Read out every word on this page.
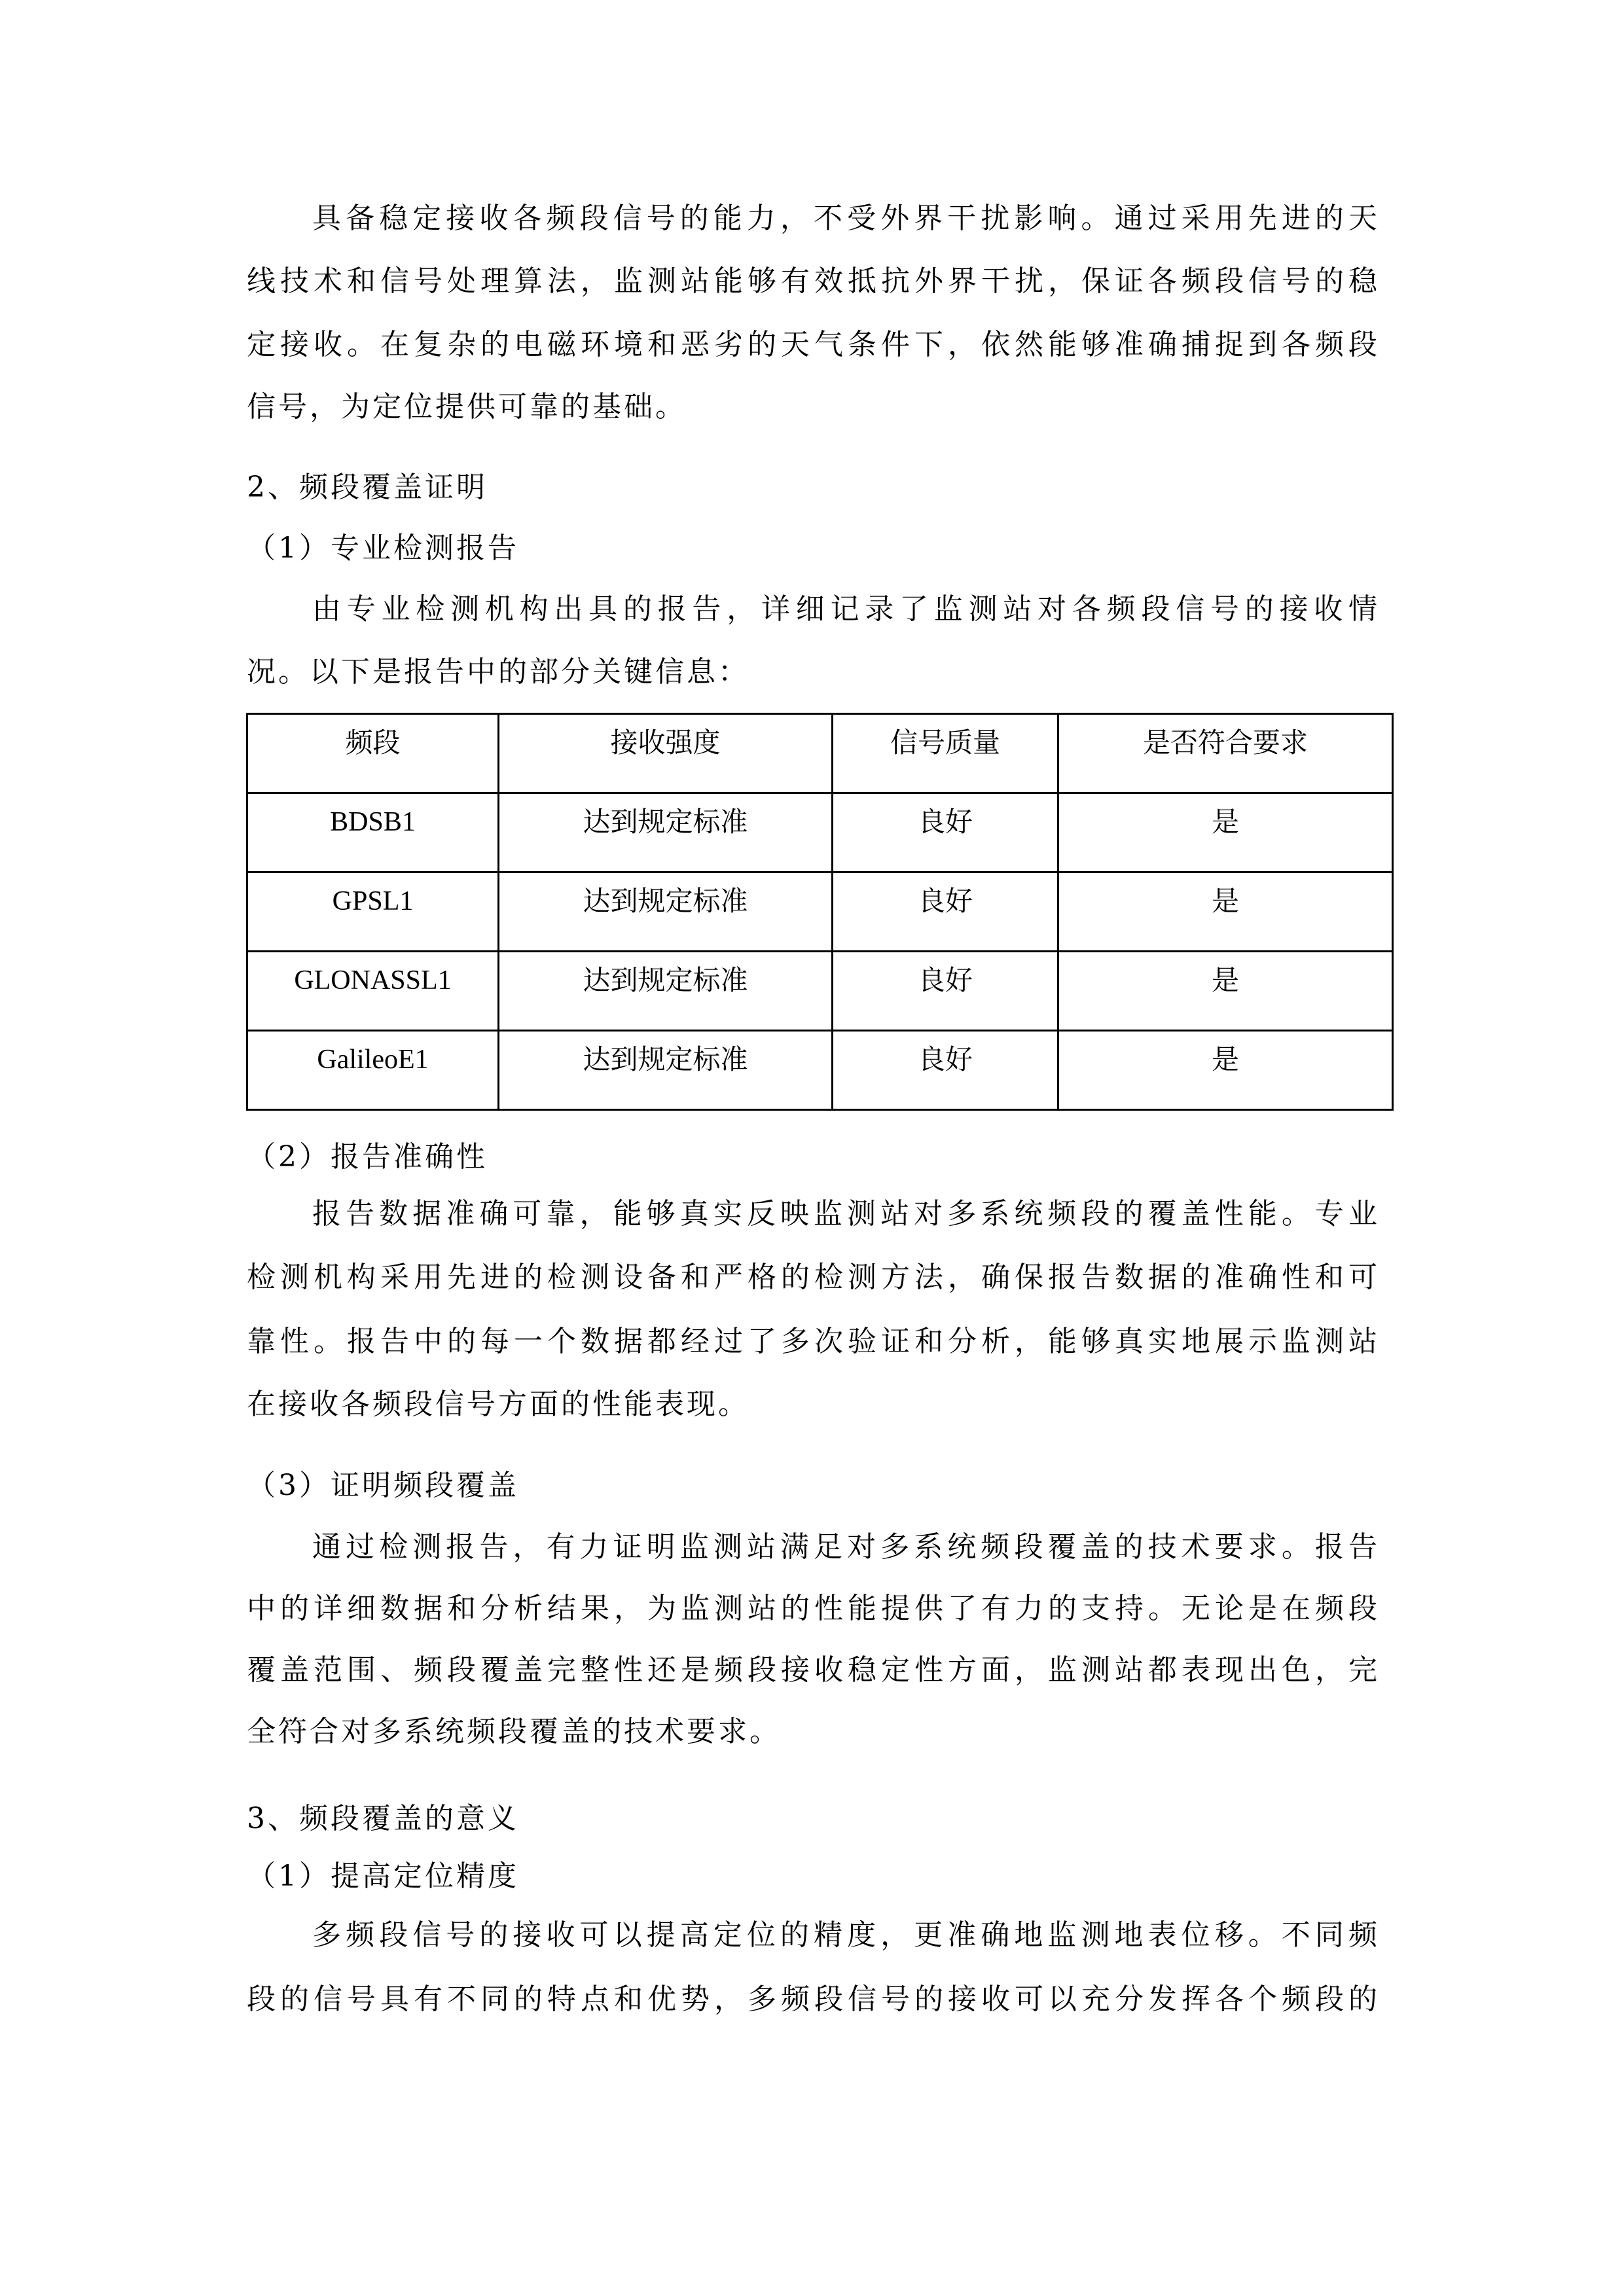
具备稳定接收各频段信号的能力，不受外界干扰影响。通过采用先进的天
线技术和信号处理算法，监测站能够有效抵抗外界干扰，保证各频段信号的稳
定接收。在复杂的电磁环境和恶劣的天气条件下，依然能够准确捕捉到各频段
信号，为定位提供可靠的基础。
2、频段覆盖证明
（1）专业检测报告
由专业检测机构出具的报告，详细记录了监测站对各频段信号的接收情
况。以下是报告中的部分关键信息：
频段	接收强度	信号质量	是否符合要求
BDSB1	达到规定标准	良好	是
GPSL1	达到规定标准	良好	是
GLONASSL1	达到规定标准	良好	是
GalileoE1	达到规定标准	良好	是
（2）报告准确性
报告数据准确可靠，能够真实反映监测站对多系统频段的覆盖性能。专业
检测机构采用先进的检测设备和严格的检测方法，确保报告数据的准确性和可
靠性。报告中的每一个数据都经过了多次验证和分析，能够真实地展示监测站
在接收各频段信号方面的性能表现。
（3）证明频段覆盖
通过检测报告，有力证明监测站满足对多系统频段覆盖的技术要求。报告
中的详细数据和分析结果，为监测站的性能提供了有力的支持。无论是在频段
覆盖范围、频段覆盖完整性还是频段接收稳定性方面，监测站都表现出色，完
全符合对多系统频段覆盖的技术要求。
3、频段覆盖的意义
（1）提高定位精度
多频段信号的接收可以提高定位的精度，更准确地监测地表位移。不同频
段的信号具有不同的特点和优势，多频段信号的接收可以充分发挥各个频段的
